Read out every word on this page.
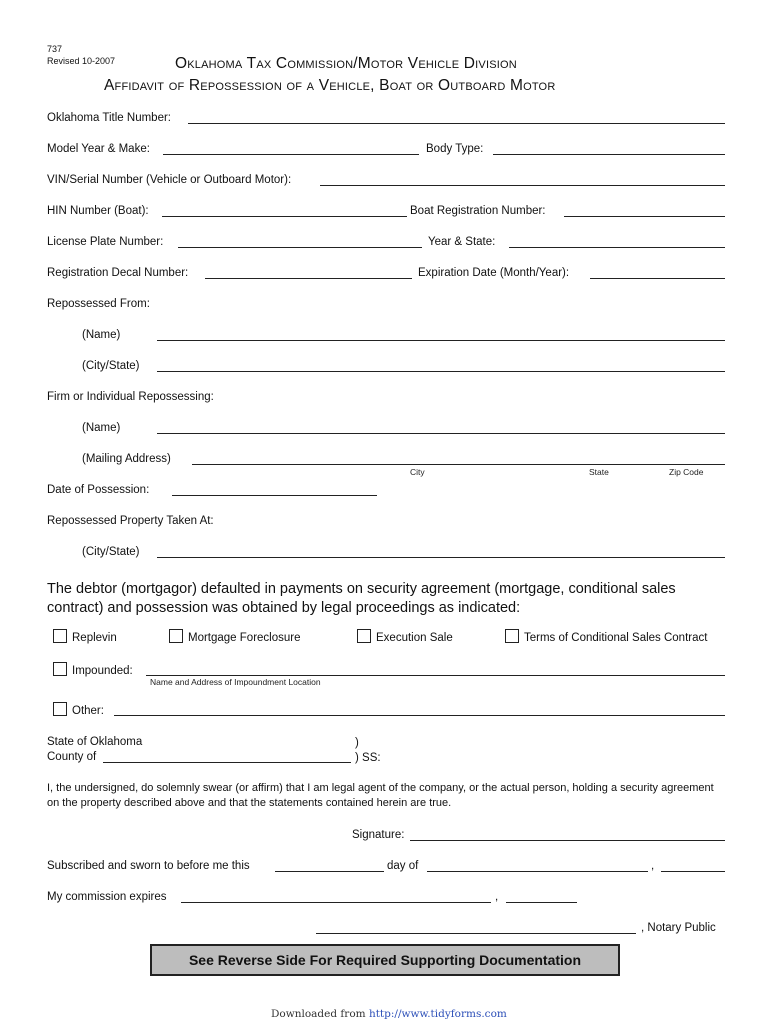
737
Revised 10-2007	Oklahoma Tax Commission/Motor Vehicle Division
Affidavit of Repossession of a Vehicle, Boat or Outboard Motor
Oklahoma Title Number:
Model Year & Make:	Body Type:
VIN/Serial Number (Vehicle or Outboard Motor):
HIN Number (Boat):	Boat Registration Number:
License Plate Number:	Year & State:
Registration Decal Number:	Expiration Date (Month/Year):
Repossessed From:
(Name)
(City/State)
Firm or Individual Repossessing:
(Name)
(Mailing Address)
City	State	Zip Code
Date of Possession:
Repossessed Property Taken At:
(City/State)
The debtor (mortgagor) defaulted in payments on security agreement (mortgage, conditional sales contract) and possession was obtained by legal proceedings as indicated:
Replevin	Mortgage Foreclosure	Execution Sale	Terms of Conditional Sales Contract
Impounded:
Name and Address of Impoundment Location
Other:
State of Oklahoma	)
County of	) SS:
I, the undersigned, do solemnly swear (or affirm) that I am legal agent of the company, or the actual person, holding a security agreement on the property described above and that the statements contained herein are true.
Signature:
Subscribed and sworn to before me this	day of	,
My commission expires	,
, Notary Public
See Reverse Side For Required Supporting Documentation
Downloaded from http://www.tidyforms.com
